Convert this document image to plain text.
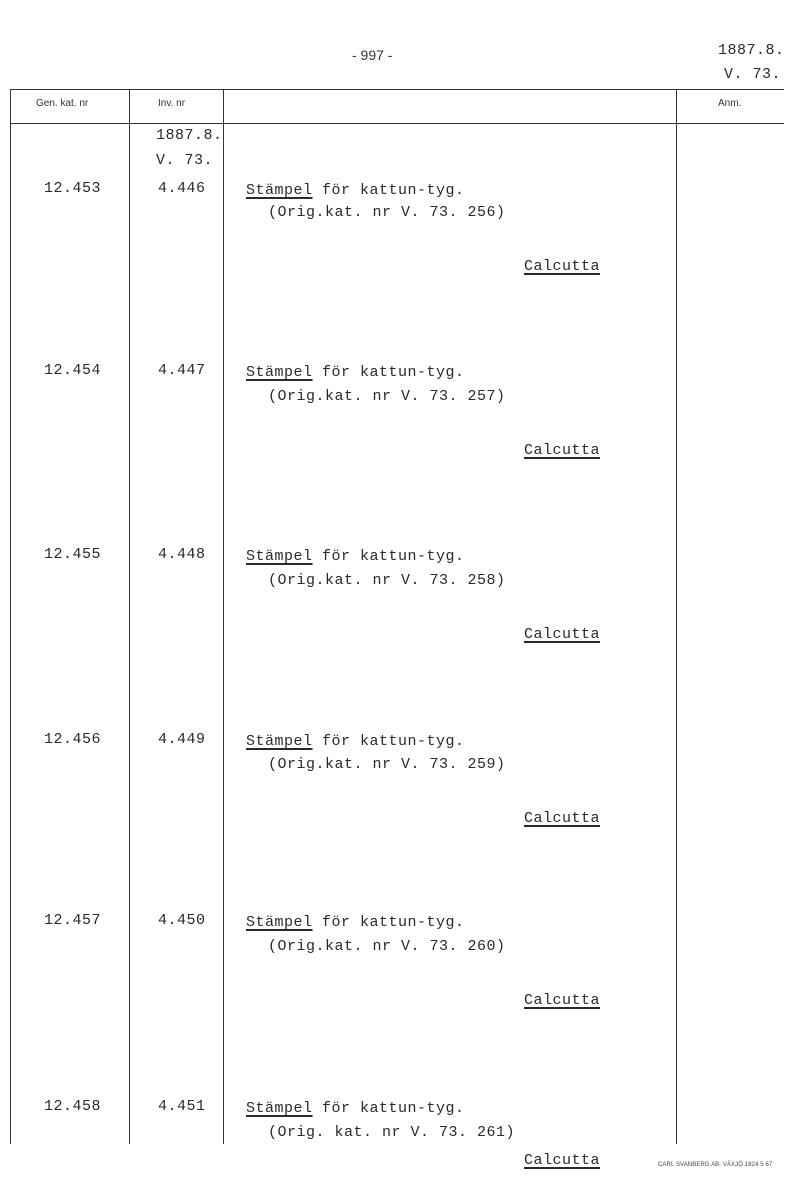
- 997 -	1887.8.
V. 73.
Gen. kat. nr	Inv. nr	Anm.
1887.8.
V. 73.
12.453	4.446	Stämpel för kattun-tyg.
(Orig.kat. nr V. 73. 256)
Calcutta
12.454	4.447	Stämpel för kattun-tyg.
(Orig.kat. nr V. 73. 257)
Calcutta
12.455	4.448	Stämpel för kattun-tyg.
(Orig.kat. nr V. 73. 258)
Calcutta
12.456	4.449	Stämpel för kattun-tyg.
(Orig.kat. nr V. 73. 259)
Calcutta
12.457	4.450	Stämpel för kattun-tyg.
(Orig.kat. nr V. 73. 260)
Calcutta
12.458	4.451	Stämpel för kattun-tyg.
(Orig. kat. nr V. 73. 261)
Calcutta	CARL SVANBERG AB. VÄXJÖ 1824 5 67
